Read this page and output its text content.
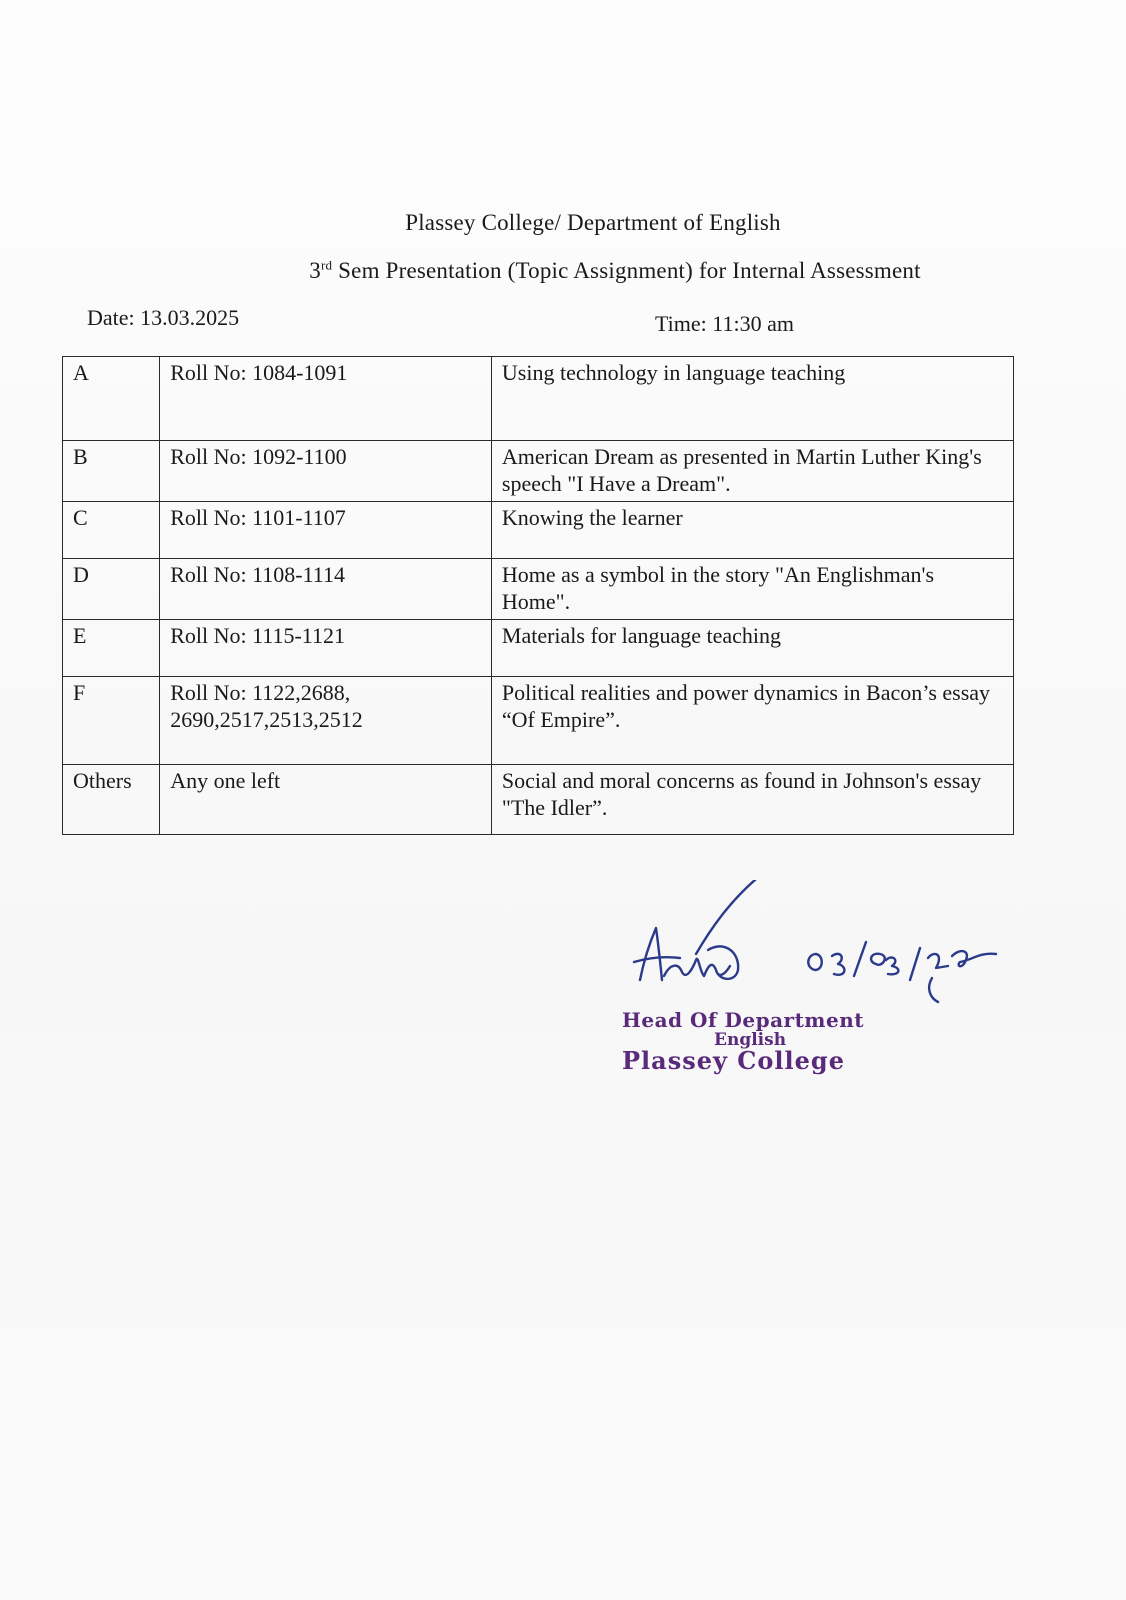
Plassey College/ Department of English
3rd Sem Presentation (Topic Assignment) for Internal Assessment
Date: 13.03.2025	Time: 11:30 am
A	Roll No: 1084-1091	Using technology in language teaching
B	Roll No: 1092-1100	American Dream as presented in Martin Luther King's speech "I Have a Dream".
C	Roll No: 1101-1107	Knowing the learner
D	Roll No: 1108-1114	Home as a symbol in the story "An Englishman's Home".
E	Roll No: 1115-1121	Materials for language teaching
F	Roll No: 1122,2688, 2690,2517,2513,2512	Political realities and power dynamics in Bacon’s essay “Of Empire”.
Others	Any one left	Social and moral concerns as found in Johnson's essay "The Idler”.
Head Of Department
English
Plassey College
